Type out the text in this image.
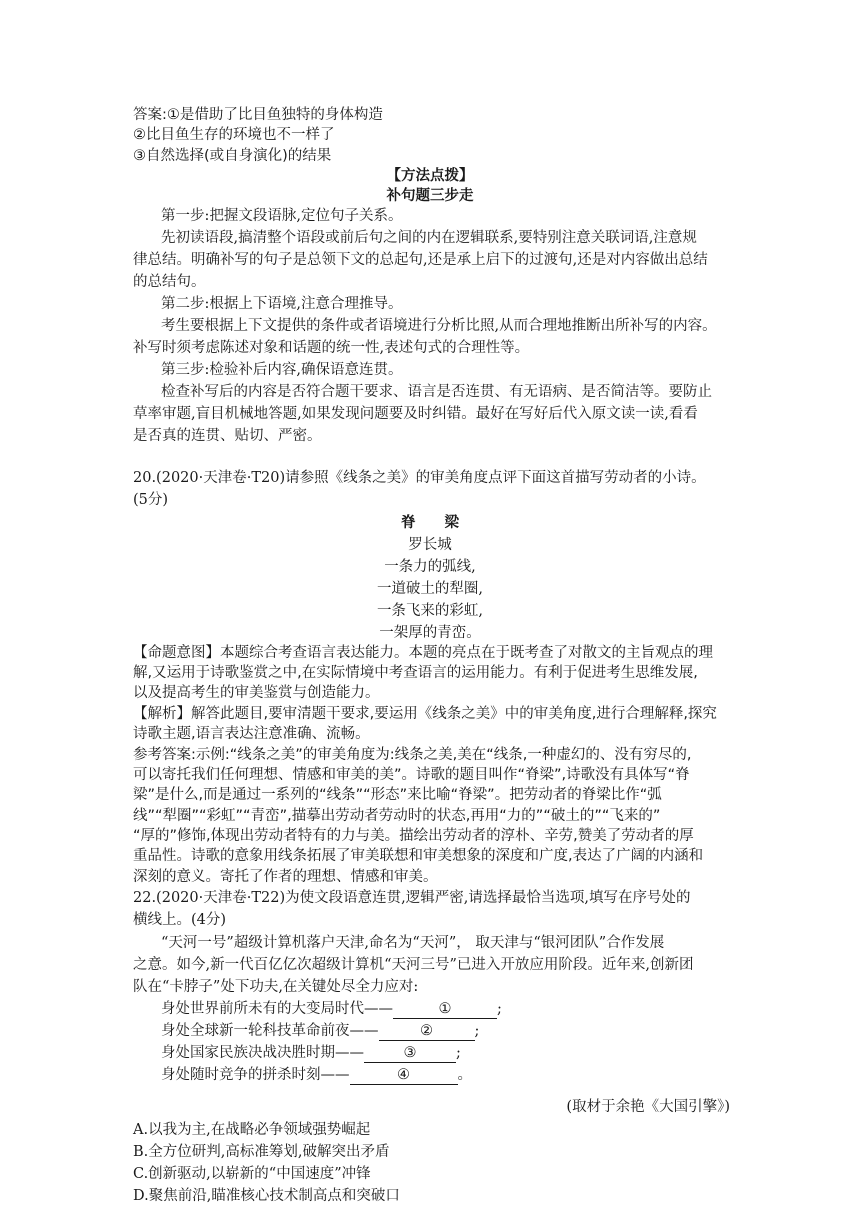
答案:①是借助了比目鱼独特的身体构造
②比目鱼生存的环境也不一样了
③自然选择(或自身演化)的结果
【方法点拨】
补句题三步走
第一步:把握文段语脉,定位句子关系。
先初读语段,搞清整个语段或前后句之间的内在逻辑联系,要特别注意关联词语,注意规
律总结。明确补写的句子是总领下文的总起句,还是承上启下的过渡句,还是对内容做出总结
的总结句。
第二步:根据上下语境,注意合理推导。
考生要根据上下文提供的条件或者语境进行分析比照,从而合理地推断出所补写的内容。
补写时须考虑陈述对象和话题的统一性,表述句式的合理性等。
第三步:检验补后内容,确保语意连贯。
检查补写后的内容是否符合题干要求、语言是否连贯、有无语病、是否简洁等。要防止
草率审题,盲目机械地答题,如果发现问题要及时纠错。最好在写好后代入原文读一读,看看
是否真的连贯、贴切、严密。
20.(2020·天津卷·T20)请参照《线条之美》的审美角度点评下面这首描写劳动者的小诗。
(5分)
脊　　梁
罗长城
一条力的弧线,
一道破土的犁圈,
一条飞来的彩虹,
一架厚的青峦。
【命题意图】本题综合考查语言表达能力。本题的亮点在于既考查了对散文的主旨观点的理
解,又运用于诗歌鉴赏之中,在实际情境中考查语言的运用能力。有利于促进考生思维发展,
以及提高考生的审美鉴赏与创造能力。
【解析】解答此题目,要审清题干要求,要运用《线条之美》中的审美角度,进行合理解释,探究
诗歌主题,语言表达注意准确、流畅。
参考答案:示例:“线条之美”的审美角度为:线条之美,美在“线条,一种虚幻的、没有穷尽的,
可以寄托我们任何理想、情感和审美的美”。诗歌的题目叫作“脊梁”,诗歌没有具体写“脊
梁”是什么,而是通过一系列的“线条”“形态”来比喻“脊梁”。把劳动者的脊梁比作“弧
线”“犁圈”“彩虹”“青峦”,描摹出劳动者劳动时的状态,再用“力的”“破土的”“飞来的”
“厚的”修饰,体现出劳动者特有的力与美。描绘出劳动者的淳朴、辛劳,赞美了劳动者的厚
重品性。诗歌的意象用线条拓展了审美联想和审美想象的深度和广度,表达了广阔的内涵和
深刻的意义。寄托了作者的理想、情感和审美。
22.(2020·天津卷·T22)为使文段语意连贯,逻辑严密,请选择最恰当选项,填写在序号处的
横线上。(4分)
“天河一号”超级计算机落户天津,命名为“天河”， 取天津与“银河团队”合作发展
之意。如今,新一代百亿亿次超级计算机“天河三号”已进入开放应用阶段。近年来,创新团
队在“卡脖子”处下功夫,在关键处尽全力应对:
身处世界前所未有的大变局时代——	①	;
身处全球新一轮科技革命前夜——	②	;
身处国家民族决战决胜时期——	③	;
身处随时竞争的拼杀时刻——	④	。
(取材于余艳《大国引擎》)
A.以我为主,在战略必争领域强势崛起
B.全方位研判,高标准筹划,破解突出矛盾
C.创新驱动,以崭新的“中国速度”冲锋
D.聚焦前沿,瞄准核心技术制高点和突破口
